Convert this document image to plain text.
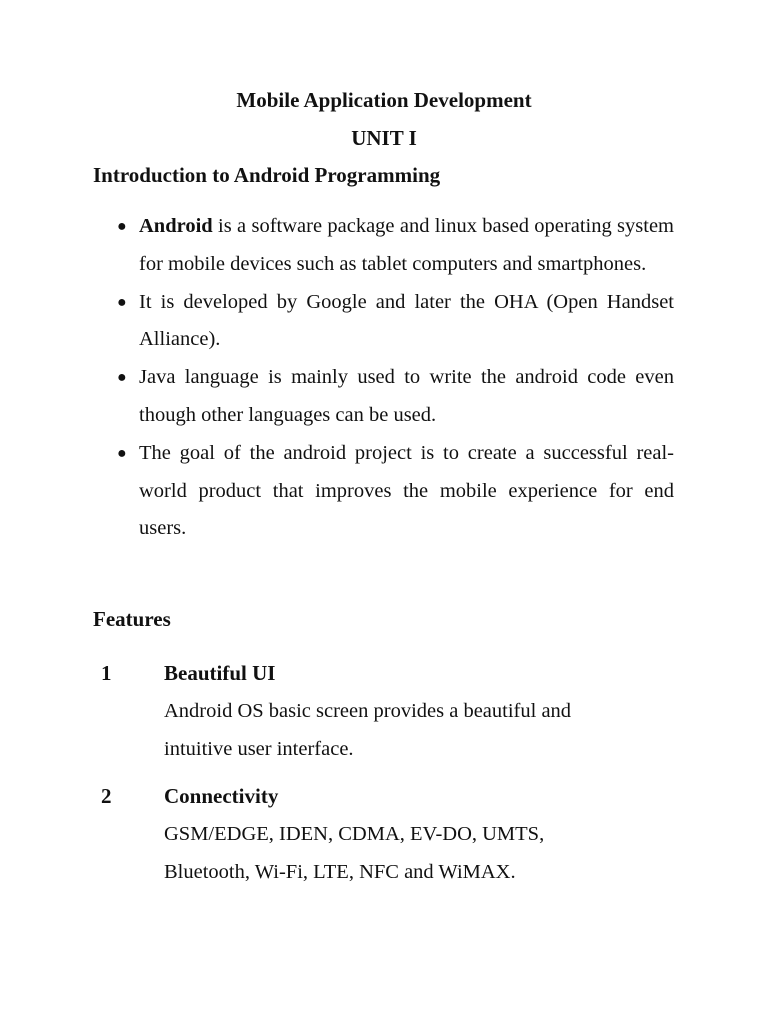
Mobile Application Development
UNIT I
Introduction to Android Programming
● Android is a software package and linux based operating system for mobile devices such as tablet computers and smartphones.
● It is developed by Google and later the OHA (Open Handset Alliance).
● Java language is mainly used to write the android code even though other languages can be used.
● The goal of the android project is to create a successful real-world product that improves the mobile experience for end users.
Features
1	Beautiful UI
Android OS basic screen provides a beautiful and intuitive user interface.
2	Connectivity
GSM/EDGE, IDEN, CDMA, EV-DO, UMTS, Bluetooth, Wi-Fi, LTE, NFC and WiMAX.
